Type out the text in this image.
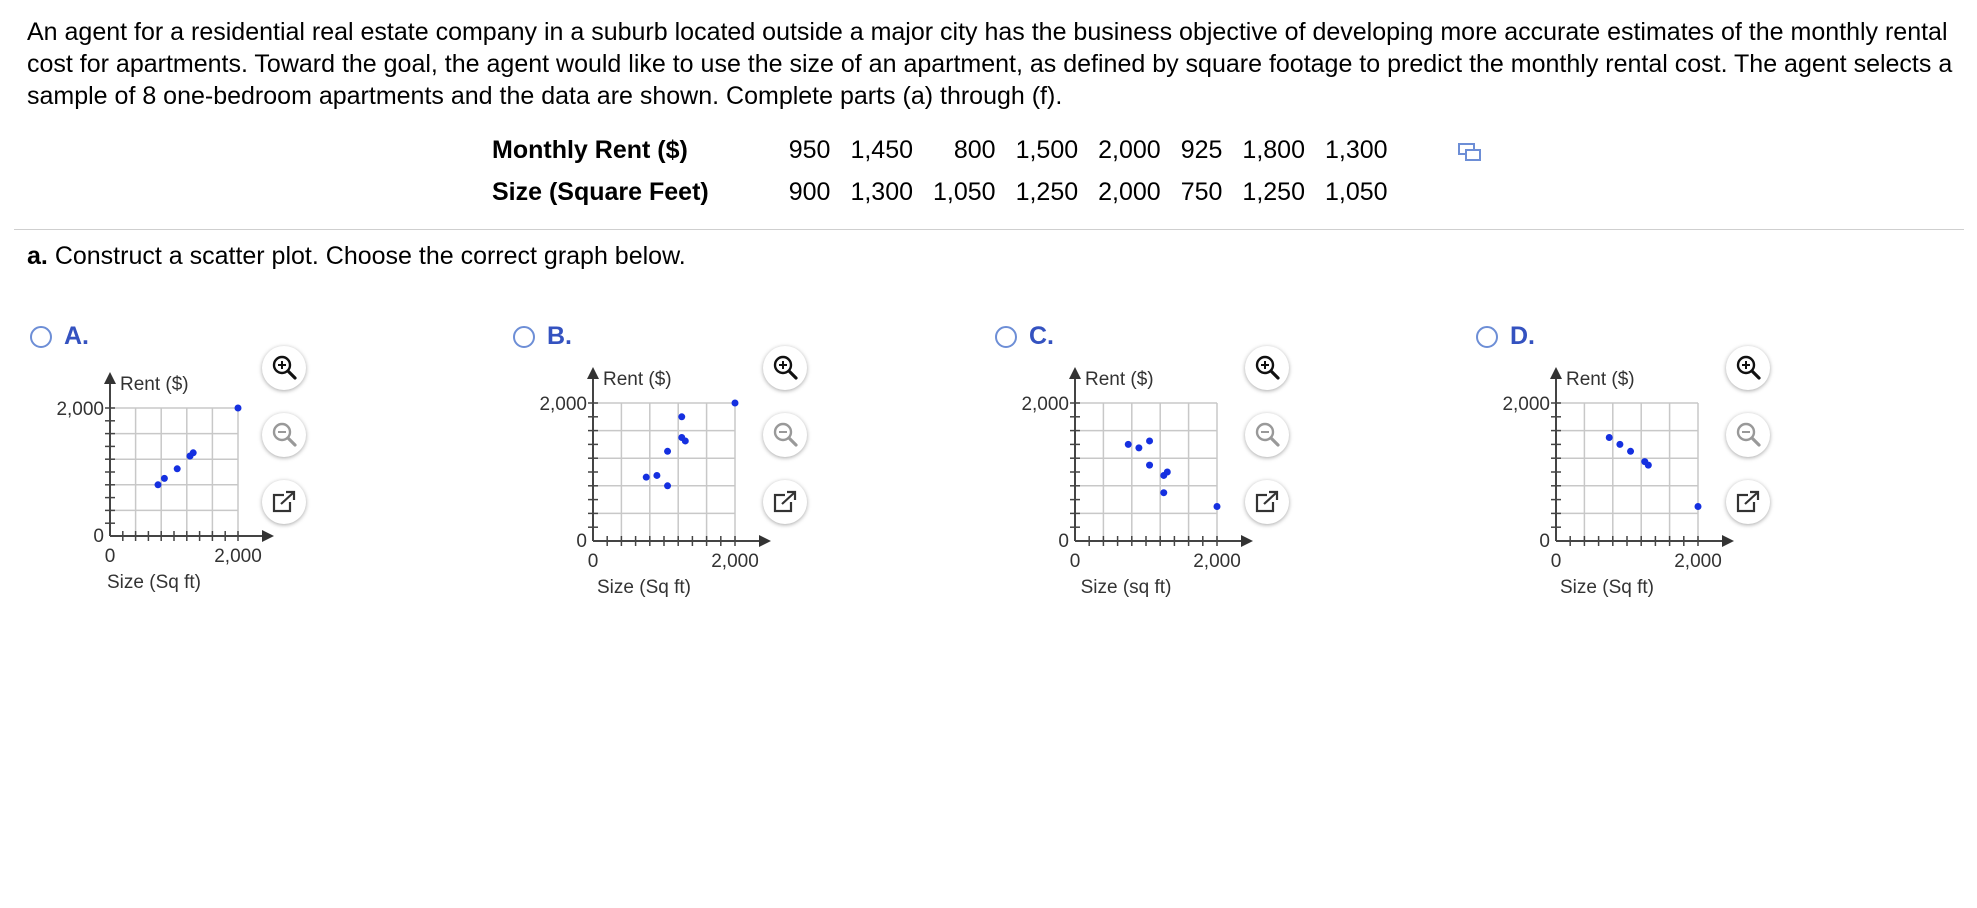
An agent for a residential real estate company in a suburb located outside a major city has the business objective of developing more accurate estimates of the monthly rental cost for apartments. Toward the goal, the agent would like to use the size of an apartment, as defined by square footage to predict the monthly rental cost. The agent selects a sample of 8 one-bedroom apartments and the data are shown. Complete parts (a) through (f).
Monthly Rent ($)	950	1,450	800	1,500	2,000	925	1,800	1,300
Size (Square Feet)	900	1,300	1,050	1,250	2,000	750	1,250	1,050
a. Construct a scatter plot. Choose the correct graph below.
A.
0
2,000
0	2,000
Rent ($)
Size (Sq ft)
B.
0
2,000
0	2,000
Rent ($)
Size (Sq ft)
C.
0
2,000
0	2,000
Rent ($)
Size (sq ft)
D.
0
2,000
0	2,000
Rent ($)
Size (Sq ft)
